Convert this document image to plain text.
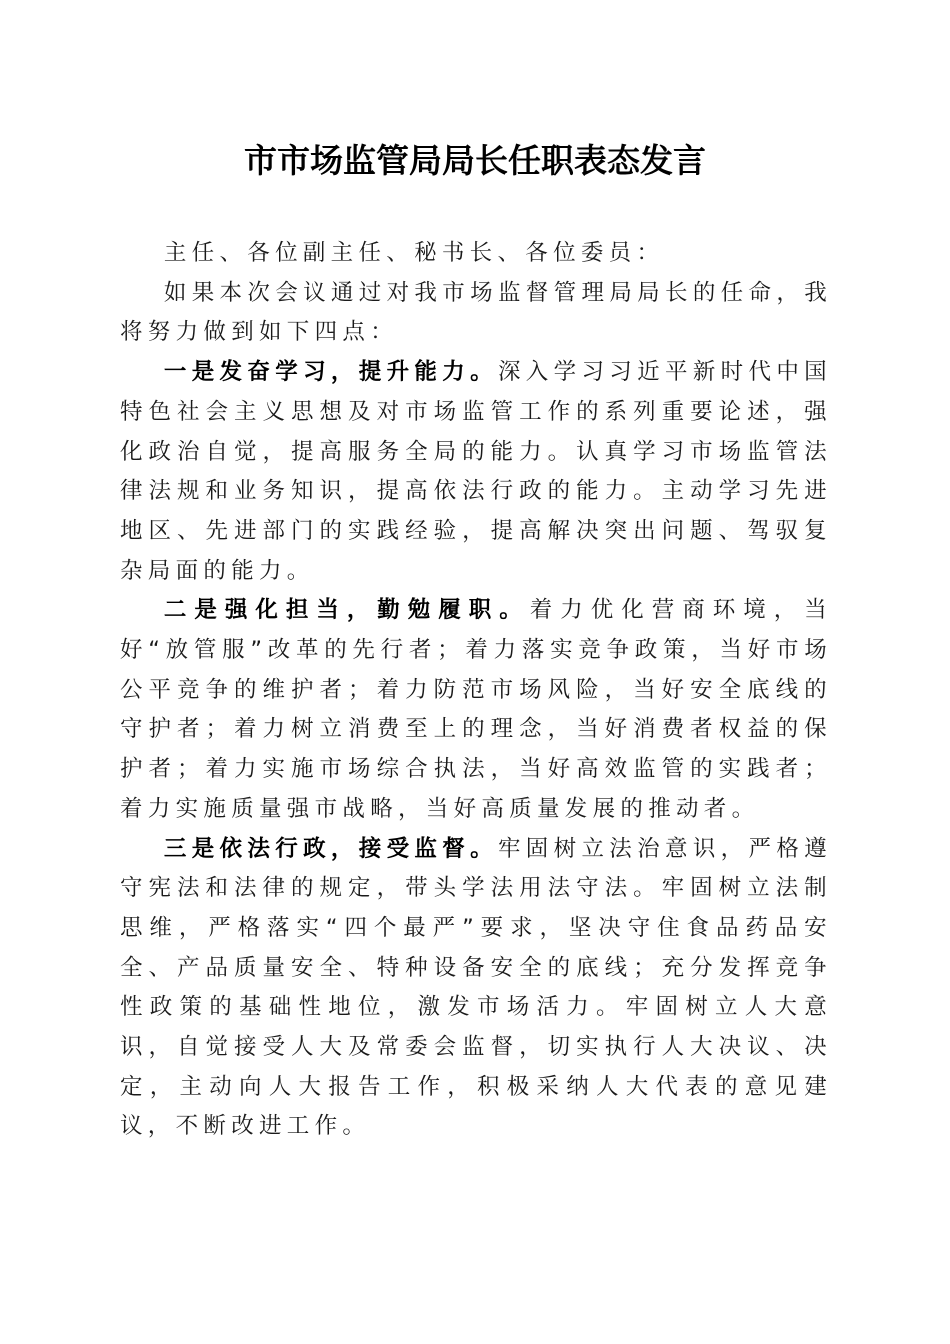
市市场监管局局长任职表态发言

主任、各位副主任、秘书长、各位委员：

如果本次会议通过对我市场监督管理局局长的任命，我将努力做到如下四点：

一是发奋学习，提升能力。深入学习习近平新时代中国特色社会主义思想及对市场监管工作的系列重要论述，强化政治自觉，提高服务全局的能力。认真学习市场监管法律法规和业务知识，提高依法行政的能力。主动学习先进地区、先进部门的实践经验，提高解决突出问题、驾驭复杂局面的能力。

二是强化担当，勤勉履职。着力优化营商环境，当好“放管服”改革的先行者；着力落实竞争政策，当好市场公平竞争的维护者；着力防范市场风险，当好安全底线的守护者；着力树立消费至上的理念，当好消费者权益的保护者；着力实施市场综合执法，当好高效监管的实践者；着力实施质量强市战略，当好高质量发展的推动者。

三是依法行政，接受监督。牢固树立法治意识，严格遵守宪法和法律的规定，带头学法用法守法。牢固树立法制思维，严格落实“四个最严”要求，坚决守住食品药品安全、产品质量安全、特种设备安全的底线；充分发挥竞争性政策的基础性地位，激发市场活力。牢固树立人大意识，自觉接受人大及常委会监督，切实执行人大决议、决定，主动向人大报告工作，积极采纳人大代表的意见建议，不断改进工作。
